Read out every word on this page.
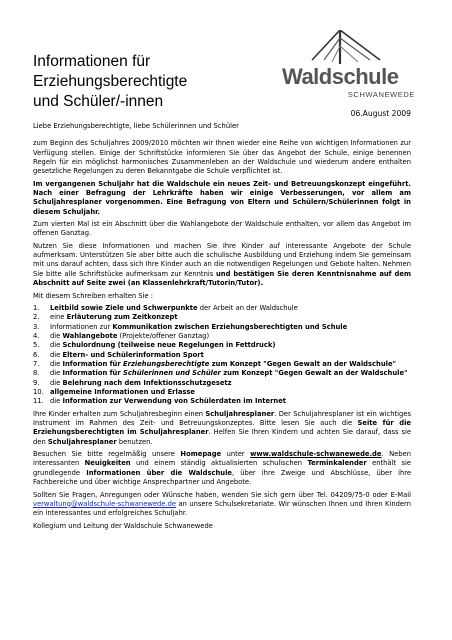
Informationen für
Erziehungsberechtigte
und Schüler/-innen
Waldschule
SCHWANEWEDE
06.August 2009

Liebe Erziehungsberechtigte, liebe Schülerinnen und Schüler

zum Beginn des Schuljahres 2009/2010 möchten wir Ihnen wieder eine Reihe von wichtigen Informationen zur Verfügung stellen. Einige der Schriftstücke informieren Sie über das Angebot der Schule, einige benennen Regeln für ein möglichst harmonisches Zusammenleben an der Waldschule und wiederum andere enthalten gesetzliche Regelungen zu deren Bekanntgabe die Schule verpflichtet ist.

Im vergangenen Schuljahr hat die Waldschule ein neues Zeit- und Betreuungskonzept eingeführt. Nach einer Befragung der Lehrkräfte haben wir einige Verbesserungen, vor allem am Schuljahresplaner vorgenommen. Eine Befragung von Eltern und Schülern/Schülerinnen folgt in diesem Schuljahr.

Zum vierten Mal ist ein Abschnitt über die Wahlangebote der Waldschule enthalten, vor allem das Angebot im offenen Ganztag.

Nutzen Sie diese Informationen und machen Sie Ihre Kinder auf interessante Angebote der Schule aufmerksam. Unterstützen Sie aber bitte auch die schulische Ausbildung und Erziehung indem Sie gemeinsam mit uns darauf achten, dass sich Ihre Kinder auch an die notwendigen Regelungen und Gebote halten. Nehmen Sie bitte alle Schriftstücke aufmerksam zur Kenntnis und bestätigen Sie deren Kenntnisnahme auf dem Abschnitt auf Seite zwei (an Klassenlehrkraft/Tutorin/Tutor).

Mit diesem Schreiben erhalten Sie :

1.	Leitbild sowie Ziele und Schwerpunkte der Arbeit an der Waldschule
2.	eine Erläuterung zum Zeitkonzept
3.	Informationen zur Kommunikation zwischen Erziehungsberechtigten und Schule
4.	die Wahlangebote (Projekte/offener Ganztag)
5.	die Schulordnung (teilweise neue Regelungen in Fettdruck)
6.	die Eltern- und Schülerinformation Sport
7.	die Information für Erziehungsberechtigte zum Konzept "Gegen Gewalt an der Waldschule"
8.	die Information für Schülerinnen und Schüler zum Konzept "Gegen Gewalt an der Waldschule"
9.	die Belehrung nach dem Infektionsschutzgesetz
10. allgemeine Informationen und Erlasse
11. die Information zur Verwendung von Schülerdaten im Internet

Ihre Kinder erhalten zum Schuljahresbeginn einen Schuljahresplaner. Der Schuljahresplaner ist ein wichtiges Instrument im Rahmen des Zeit- und Betreuungskonzeptes. Bitte lesen Sie auch die Seite für die Erziehungsberechtigten im Schuljahresplaner. Helfen Sie Ihren Kindern und achten Sie darauf, dass sie den Schuljahresplaner benutzen.

Besuchen Sie bitte regelmäßig unsere Homepage unter www.waldschule-schwanewede.de. Neben interessanten Neuigkeiten und einem ständig aktualisierten schulischen Terminkalender enthält sie grundlegende Informationen über die Waldschule, über ihre Zweige und Abschlüsse, über ihre Fachbereiche und über wichtige Ansprechpartner und Angebote.

Sollten Sie Fragen, Anregungen oder Wünsche haben, wenden Sie sich gern über Tel. 04209/75-0 oder E-Mail verwaltung@waldschule-schwanewede.de an unsere Schulsekretariate. Wir wünschen Ihnen und Ihren Kindern ein interessantes und erfolgreiches Schuljahr.

Kollegium und Leitung der Waldschule Schwanewede
